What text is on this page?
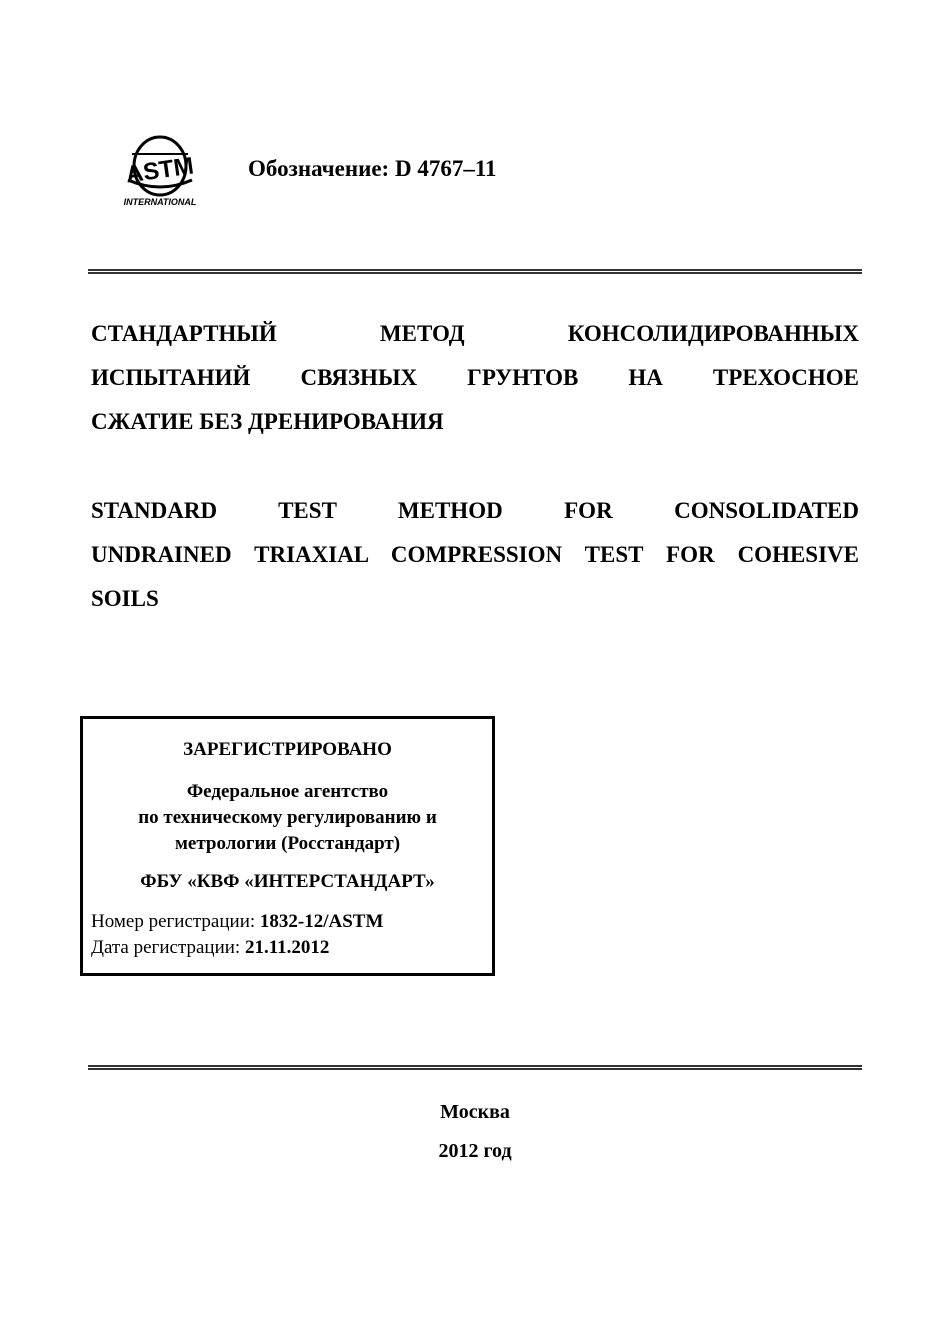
ASTM
INTERNATIONAL
Обозначение: D 4767–11
СТАНДАРТНЫЙ МЕТОД КОНСОЛИДИРОВАННЫХ
ИСПЫТАНИЙ СВЯЗНЫХ ГРУНТОВ НА ТРЕХОСНОЕ
СЖАТИЕ БЕЗ ДРЕНИРОВАНИЯ
STANDARD TEST METHOD FOR CONSOLIDATED
UNDRAINED TRIAXIAL COMPRESSION TEST FOR COHESIVE
SOILS
ЗАРЕГИСТРИРОВАНО
Федеральное агентство
по техническому регулированию и
метрологии (Росстандарт)
ФБУ «КВФ «ИНТЕРСТАНДАРТ»
Номер регистрации: 1832-12/ASTM
Дата регистрации: 21.11.2012
Москва
2012 год
